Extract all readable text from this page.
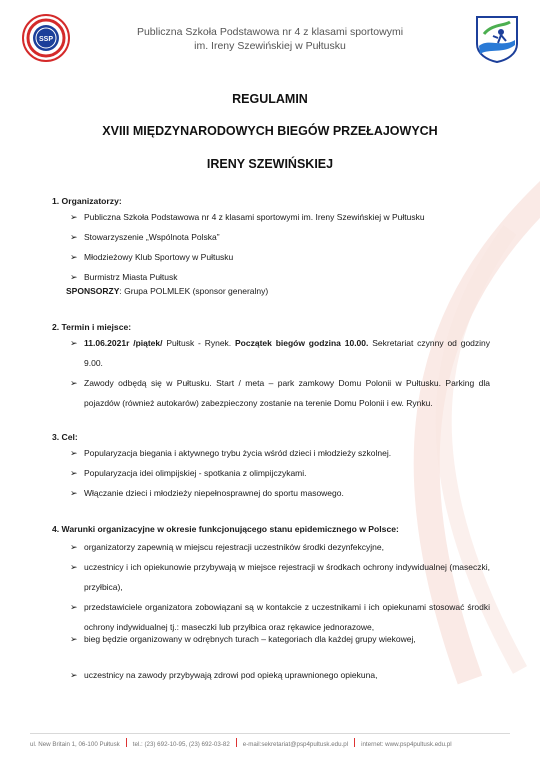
SSP
Publiczna Szkoła Podstawowa nr 4 z klasami sportowymi
im. Ireny Szewińskiej w Pułtusku
REGULAMIN
XVIII MIĘDZYNARODOWYCH BIEGÓW PRZEŁAJOWYCH
IRENY SZEWIŃSKIEJ
1. Organizatorzy:
➢ Publiczna Szkoła Podstawowa nr 4 z klasami sportowymi im. Ireny Szewińskiej w Pułtusku
➢ Stowarzyszenie „Wspólnota Polska”
➢ Młodzieżowy Klub Sportowy w Pułtusku
➢ Burmistrz Miasta Pułtusk
SPONSORZY: Grupa POLMLEK (sponsor generalny)
2. Termin i miejsce:
➢ 11.06.2021r /piątek/ Pułtusk - Rynek. Początek biegów godzina 10.00. Sekretariat czynny od godziny 9.00.
➢ Zawody odbędą się w Pułtusku. Start / meta – park zamkowy Domu Polonii w Pułtusku. Parking dla pojazdów (również autokarów) zabezpieczony zostanie na terenie Domu Polonii i ew. Rynku.
3. Cel:
➢ Popularyzacja biegania i aktywnego trybu życia wśród dzieci i młodzieży szkolnej.
➢ Popularyzacja idei olimpijskiej - spotkania z olimpijczykami.
➢ Włączanie dzieci i młodzieży niepełnosprawnej do sportu masowego.
4. Warunki organizacyjne w okresie funkcjonującego stanu epidemicznego w Polsce:
➢ organizatorzy zapewnią w miejscu rejestracji uczestników środki dezynfekcyjne,
➢ uczestnicy i ich opiekunowie przybywają w miejsce rejestracji w środkach ochrony indywidualnej (maseczki, przyłbica),
➢ przedstawiciele organizatora zobowiązani są w kontakcie z uczestnikami i ich opiekunami stosować środki ochrony indywidualnej tj.: maseczki lub przyłbica oraz rękawice jednorazowe,
➢ bieg będzie organizowany w odrębnych turach – kategoriach dla każdej grupy wiekowej,
➢ uczestnicy na zawody przybywają zdrowi pod opieką uprawnionego opiekuna,
ul. New Britain 1, 06-100 Pułtusk tel.: (23) 692-10-95, (23) 692-03-82 e-mail:sekretariat@psp4pultusk.edu.pl internet: www.psp4pultusk.edu.pl
